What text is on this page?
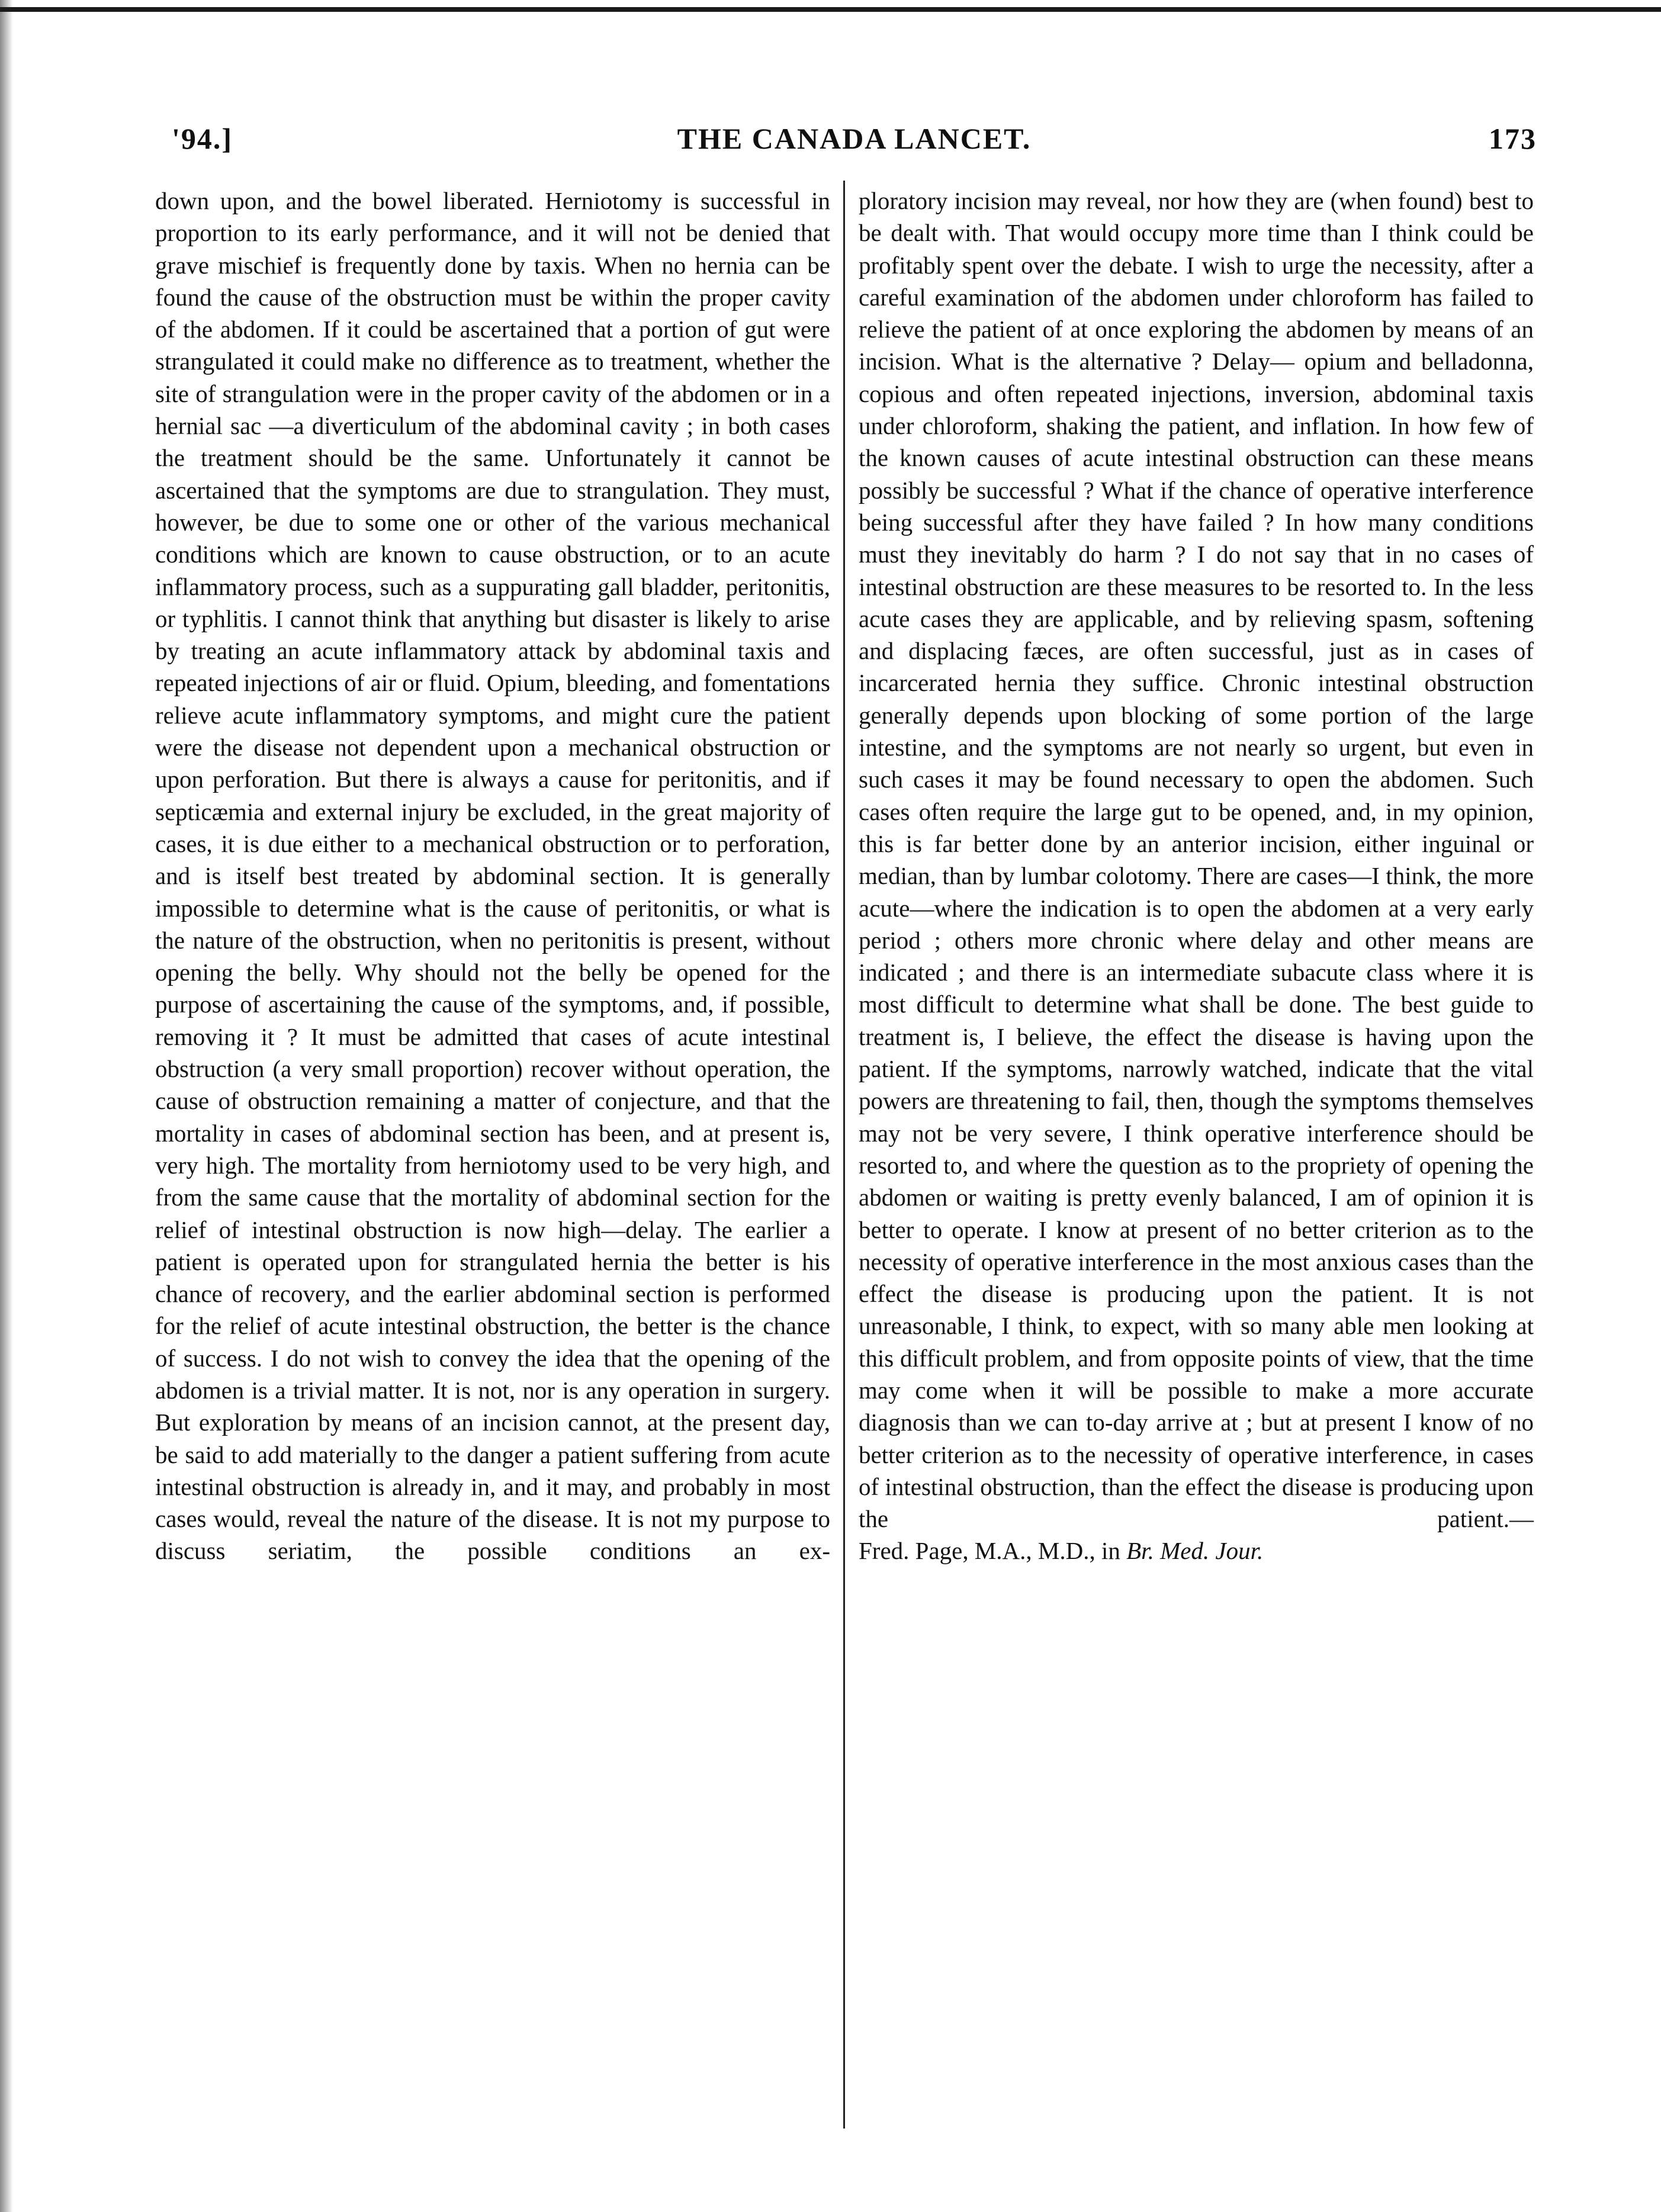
'94.]	THE CANADA LANCET.	173

down upon, and the bowel liberated. Herniotomy is successful in proportion to its early performance, and it will not be denied that grave mischief is frequently done by taxis. When no hernia can be found the cause of the obstruction must be within the proper cavity of the abdomen. If it could be ascertained that a portion of gut were strangulated it could make no difference as to treatment, whether the site of strangulation were in the proper cavity of the abdomen or in a hernial sac —a diverticulum of the abdominal cavity ; in both cases the treatment should be the same. Unfortunately it cannot be ascertained that the symptoms are due to strangulation. They must, however, be due to some one or other of the various mechanical conditions which are known to cause obstruction, or to an acute inflammatory process, such as a suppurating gall bladder, peritonitis, or typhlitis. I cannot think that anything but disaster is likely to arise by treating an acute inflammatory attack by abdominal taxis and repeated injections of air or fluid. Opium, bleeding, and fomentations relieve acute inflammatory symptoms, and might cure the patient were the disease not dependent upon a mechanical obstruction or upon perforation. But there is always a cause for peritonitis, and if septicæmia and external injury be excluded, in the great majority of cases, it is due either to a mechanical obstruction or to perforation, and is itself best treated by abdominal section. It is generally impossible to determine what is the cause of peritonitis, or what is the nature of the obstruction, when no peritonitis is present, without opening the belly. Why should not the belly be opened for the purpose of ascertaining the cause of the symptoms, and, if possible, removing it ? It must be admitted that cases of acute intestinal obstruction (a very small proportion) recover without operation, the cause of obstruction remaining a matter of conjecture, and that the mortality in cases of abdominal section has been, and at present is, very high. The mortality from herniotomy used to be very high, and from the same cause that the mortality of abdominal section for the relief of intestinal obstruction is now high—delay. The earlier a patient is operated upon for strangulated hernia the better is his chance of recovery, and the earlier abdominal section is performed for the relief of acute intestinal obstruction, the better is the chance of success. I do not wish to convey the idea that the opening of the abdomen is a trivial matter. It is not, nor is any operation in surgery. But exploration by means of an incision cannot, at the present day, be said to add materially to the danger a patient suffering from acute intestinal obstruction is already in, and it may, and probably in most cases would, reveal the nature of the disease. It is not my purpose to discuss seriatim, the possible conditions an ex-

ploratory incision may reveal, nor how they are (when found) best to be dealt with. That would occupy more time than I think could be profitably spent over the debate. I wish to urge the necessity, after a careful examination of the abdomen under chloroform has failed to relieve the patient of at once exploring the abdomen by means of an incision. What is the alternative ? Delay— opium and belladonna, copious and often repeated injections, inversion, abdominal taxis under chloroform, shaking the patient, and inflation. In how few of the known causes of acute intestinal obstruction can these means possibly be successful ? What if the chance of operative interference being successful after they have failed ? In how many conditions must they inevitably do harm ? I do not say that in no cases of intestinal obstruction are these measures to be resorted to. In the less acute cases they are applicable, and by relieving spasm, softening and displacing fæces, are often successful, just as in cases of incarcerated hernia they suffice. Chronic intestinal obstruction generally depends upon blocking of some portion of the large intestine, and the symptoms are not nearly so urgent, but even in such cases it may be found necessary to open the abdomen. Such cases often require the large gut to be opened, and, in my opinion, this is far better done by an anterior incision, either inguinal or median, than by lumbar colotomy. There are cases—I think, the more acute—where the indication is to open the abdomen at a very early period ; others more chronic where delay and other means are indicated ; and there is an intermediate subacute class where it is most difficult to determine what shall be done. The best guide to treatment is, I believe, the effect the disease is having upon the patient. If the symptoms, narrowly watched, indicate that the vital powers are threatening to fail, then, though the symptoms themselves may not be very severe, I think operative interference should be resorted to, and where the question as to the propriety of opening the abdomen or waiting is pretty evenly balanced, I am of opinion it is better to operate. I know at present of no better criterion as to the necessity of operative interference in the most anxious cases than the effect the disease is producing upon the patient. It is not unreasonable, I think, to expect, with so many able men looking at this difficult problem, and from opposite points of view, that the time may come when it will be possible to make a more accurate diagnosis than we can to-day arrive at ; but at present I know of no better criterion as to the necessity of operative interference, in cases of intestinal obstruction, than the effect the disease is producing upon the patient.—

Fred. Page, M.A., M.D., in Br. Med. Jour.
